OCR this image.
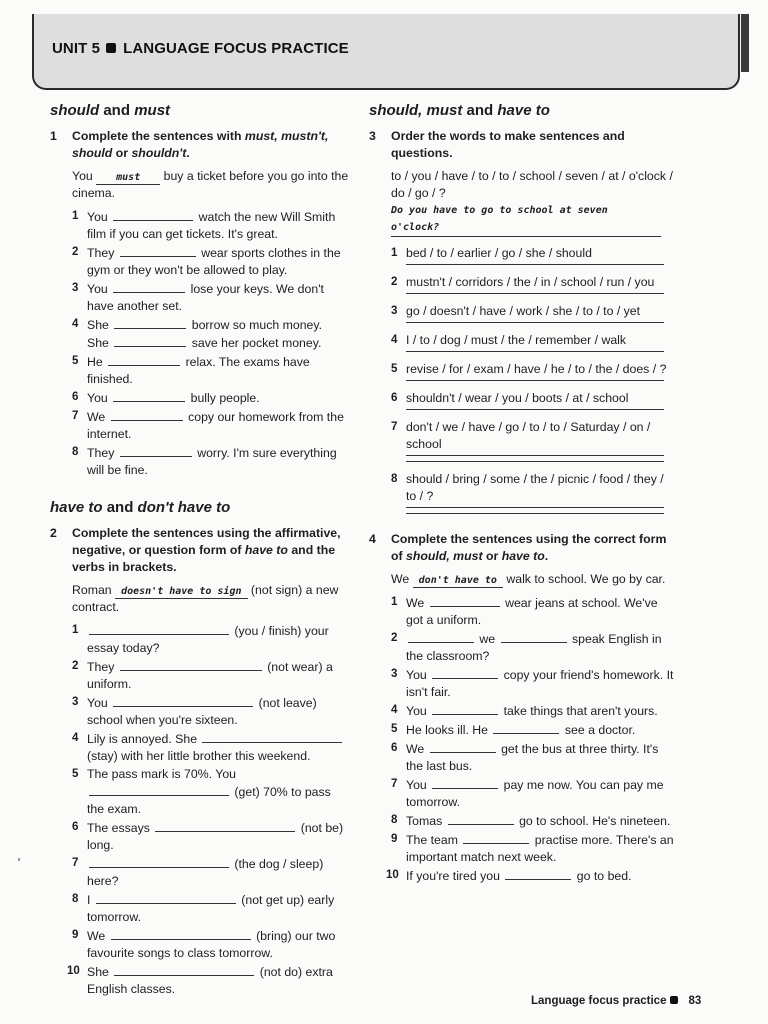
UNIT 5 LANGUAGE FOCUS PRACTICE
should and must
1 Complete the sentences with must, mustn't, should or shouldn't.
You must buy a ticket before you go into the cinema.
1 You	watch the new Will Smith film if you can get tickets. It's great.
2 They	wear sports clothes in the gym or they won't be allowed to play.
3 You	lose your keys. We don't have another set.
4 She	borrow so much money.
She	save her pocket money.
5 He	relax. The exams have finished.
6 You	bully people.
7 We	copy our homework from the internet.
8 They	worry. I'm sure everything will be fine.
have to and don't have to
2 Complete the sentences using the affirmative, negative, or question form of have to and the verbs in brackets.
Roman doesn't have to sign (not sign) a new contract.
1	(you / finish) your essay today?
2 They	(not wear) a uniform.
3 You	(not leave) school when you're sixteen.
4 Lily is annoyed. She  (stay) with her little brother this weekend.
5 The pass mark is 70%. You  (get) 70% to pass the exam.
6 The essays	(not be) long.
7	(the dog / sleep) here?
8 I	(not get up) early tomorrow.
9 We	(bring) our two favourite songs to class tomorrow.
10 She	(not do) extra English classes.
should, must and have to
3 Order the words to make sentences and questions.
to / you / have / to / to / school / seven / at / o'clock / do / go / ?
Do you have to go to school at seven o'clock?
1 bed / to / earlier / go / she / should
2 mustn't / corridors / the / in / school / run / you
3 go / doesn't / have / work / she / to / to / yet
4 I / to / dog / must / the / remember / walk
5 revise / for / exam / have / he / to / the / does / ?
6 shouldn't / wear / you / boots / at / school
7 don't / we / have / go / to / to / Saturday / on / school
8 should / bring / some / the / picnic / food / they / to / ?
4 Complete the sentences using the correct form of should, must or have to.
We don't have to walk to school. We go by car.
1 We	wear jeans at school. We've got a uniform.
2	we	speak English in the classroom?
3 You	copy your friend's homework. It isn't fair.
4 You	take things that aren't yours.
5 He looks ill. He	see a doctor.
6 We	get the bus at three thirty. It's the last bus.
7 You	pay me now. You can pay me tomorrow.
8 Tomas	go to school. He's nineteen.
9 The team	practise more. There's an important match next week.
10 If you're tired you	go to bed.
Language focus practice 83
